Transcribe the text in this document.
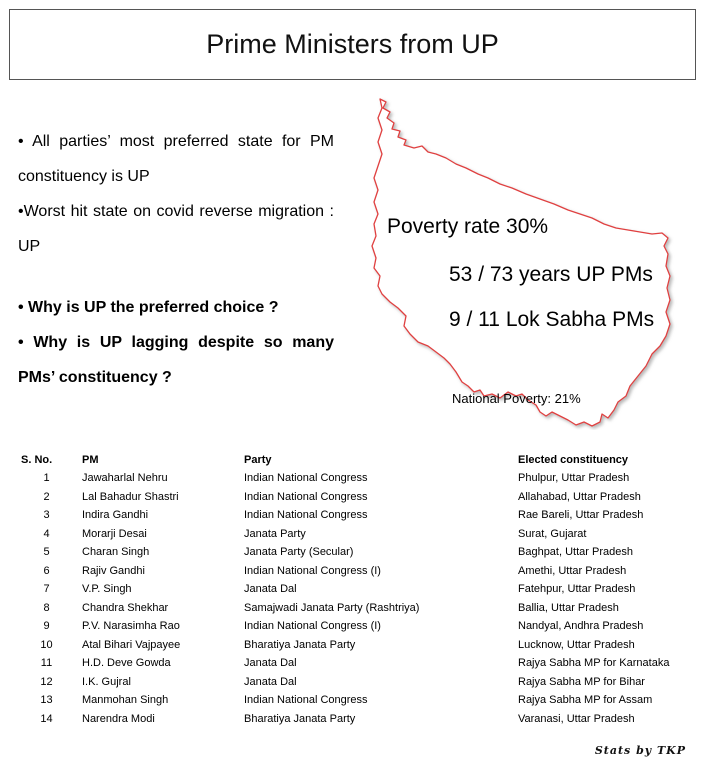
Prime Ministers from UP

• All parties’ most preferred state for PM constituency is UP

•Worst hit state on covid reverse migration : UP

• Why is UP the preferred choice ?

• Why is UP lagging despite so many PMs’ constituency ?

Poverty rate 30%
53 / 73 years UP PMs
9 / 11 Lok Sabha PMs
National Poverty: 21%
S. No.	PM	Party	Elected constituency
1	Jawaharlal Nehru	Indian National Congress	Phulpur, Uttar Pradesh
2	Lal Bahadur Shastri	Indian National Congress	Allahabad, Uttar Pradesh
3	Indira Gandhi	Indian National Congress	Rae Bareli, Uttar Pradesh
4	Morarji Desai	Janata Party	Surat, Gujarat
5	Charan Singh	Janata Party (Secular)	Baghpat, Uttar Pradesh
6	Rajiv Gandhi	Indian National Congress (I)	Amethi, Uttar Pradesh
7	V.P. Singh	Janata Dal	Fatehpur, Uttar Pradesh
8	Chandra Shekhar	Samajwadi Janata Party (Rashtriya)	Ballia, Uttar Pradesh
9	P.V. Narasimha Rao	Indian National Congress (I)	Nandyal, Andhra Pradesh
10	Atal Bihari Vajpayee	Bharatiya Janata Party	Lucknow, Uttar Pradesh
11	H.D. Deve Gowda	Janata Dal	Rajya Sabha MP for Karnataka
12	I.K. Gujral	Janata Dal	Rajya Sabha MP for Bihar
13	Manmohan Singh	Indian National Congress	Rajya Sabha MP for Assam
14	Narendra Modi	Bharatiya Janata Party	Varanasi, Uttar Pradesh
Stats by TKP
